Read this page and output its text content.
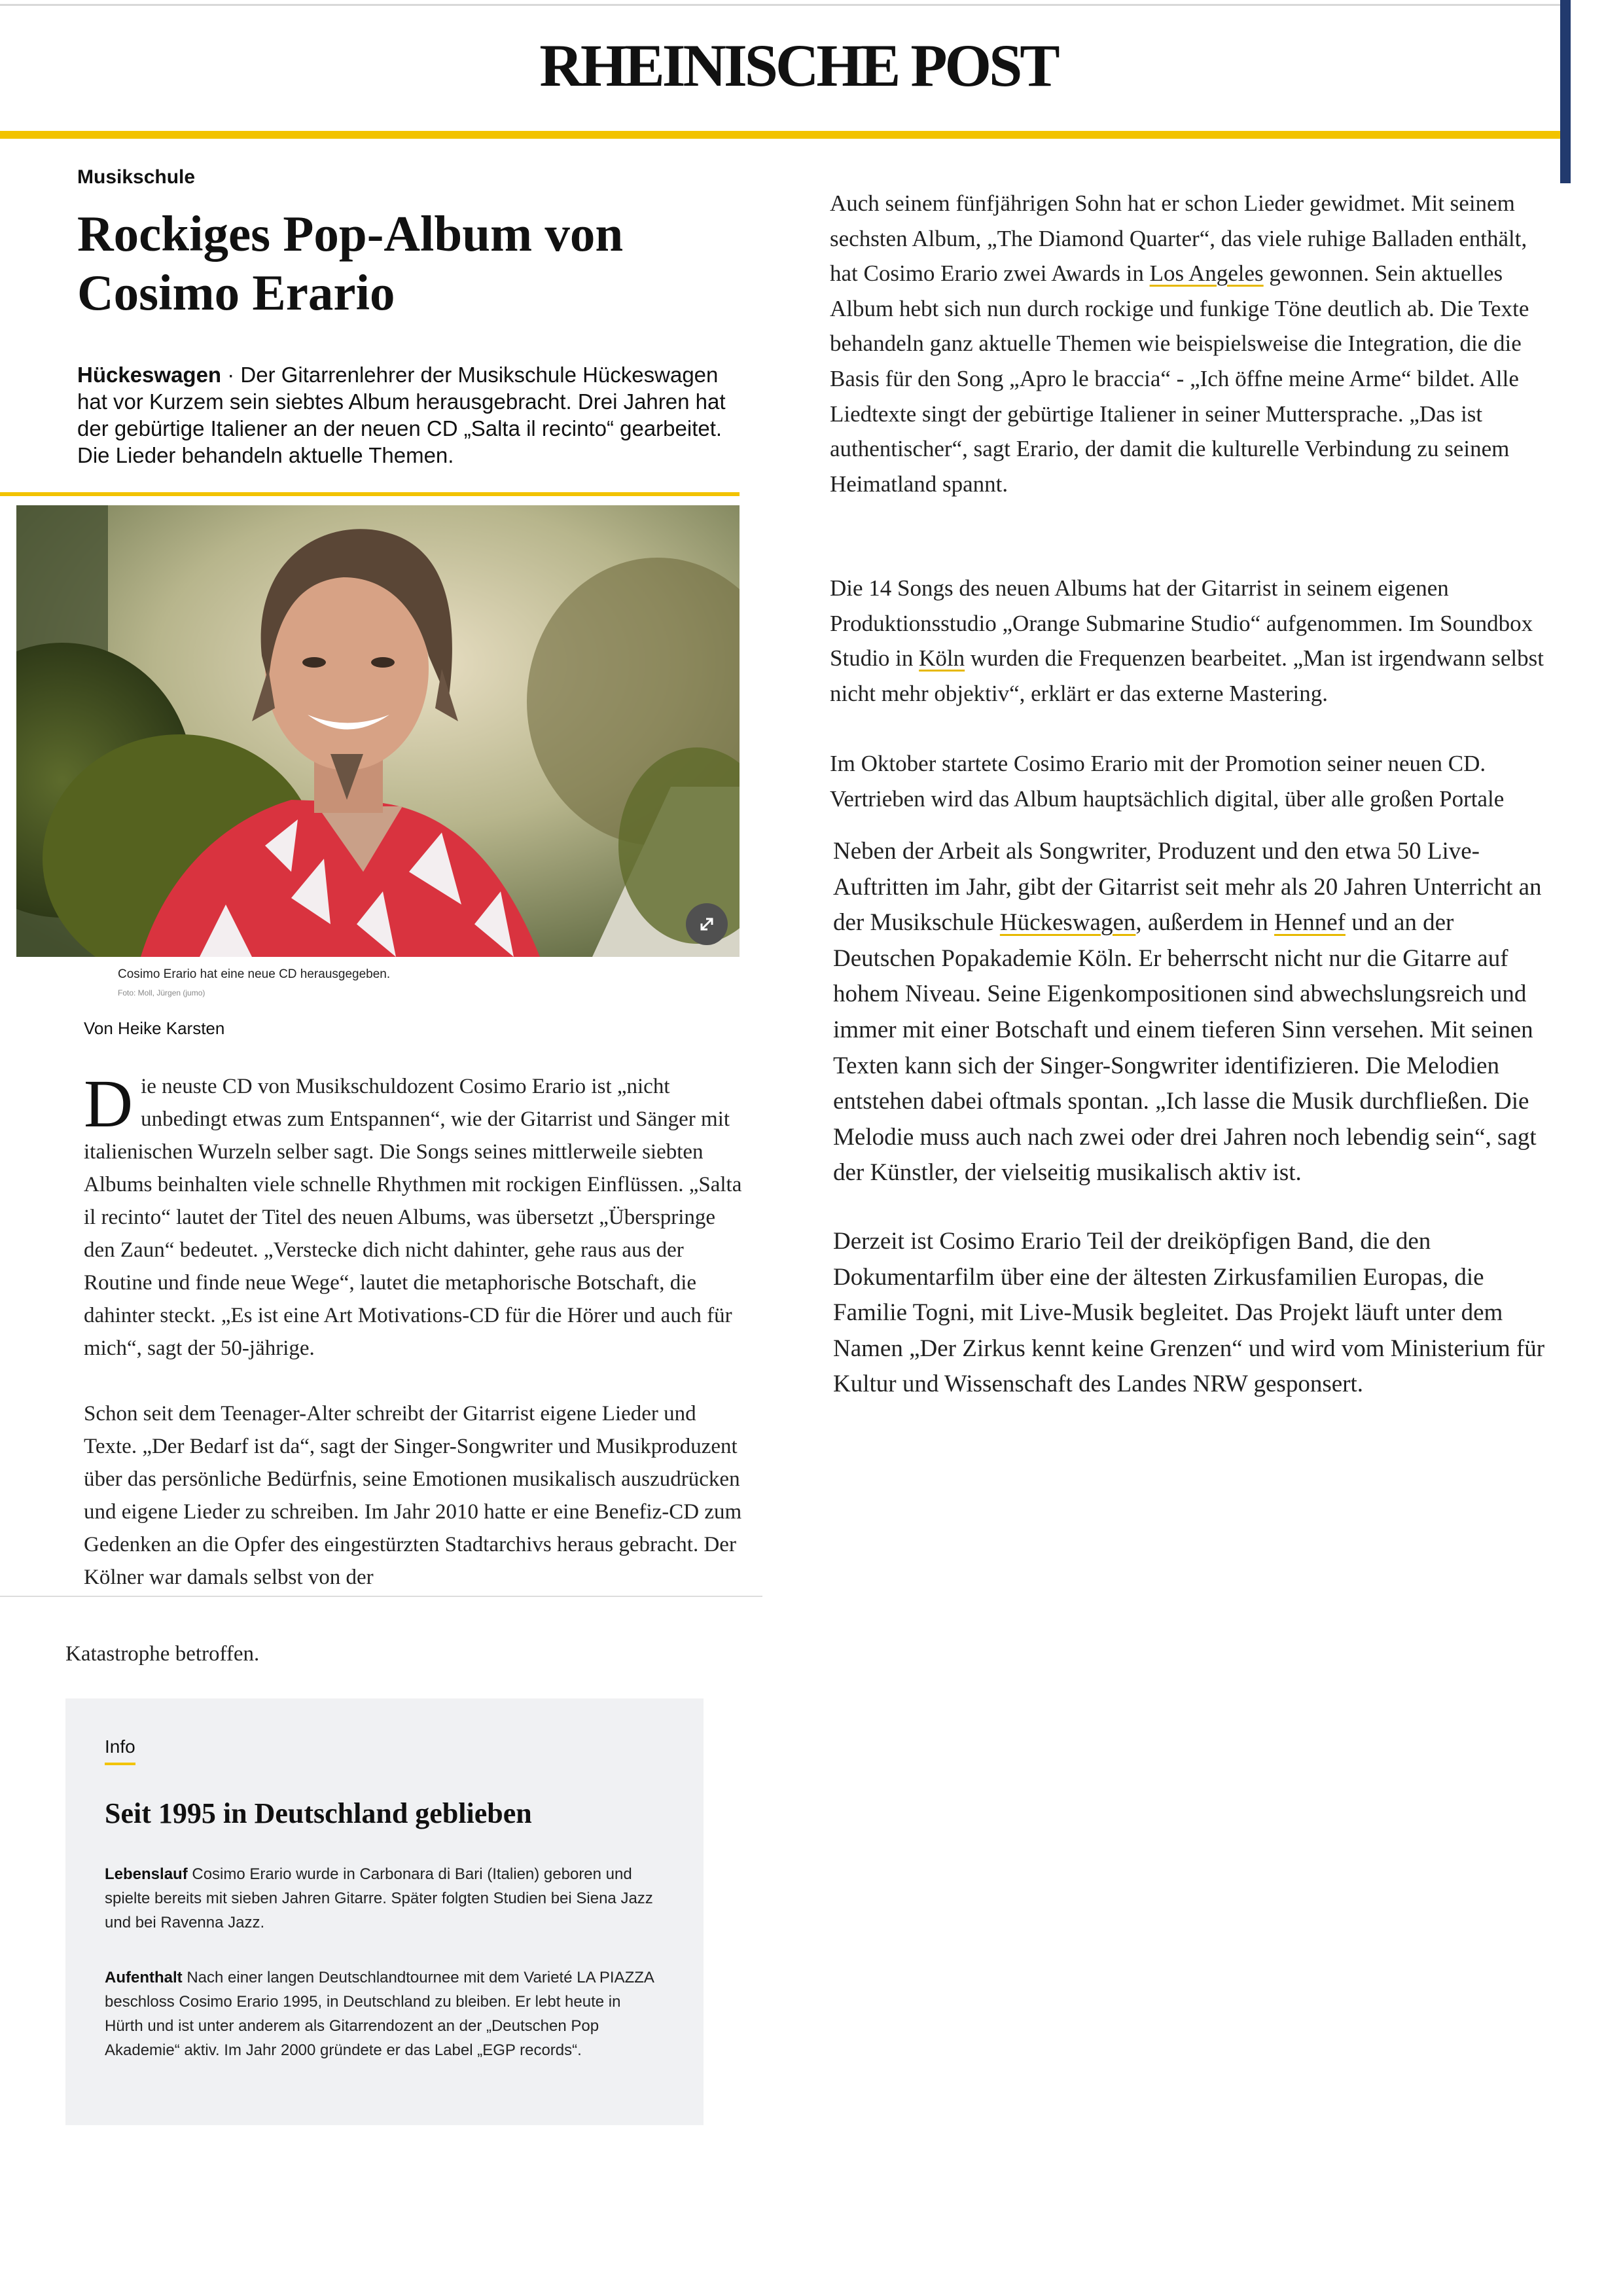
RHEINISCHE POST
Musikschule
Rockiges Pop-Album von Cosimo Erario

Hückeswagen · Der Gitarrenlehrer der Musikschule Hückeswagen hat vor Kurzem sein siebtes Album herausgebracht. Drei Jahren hat der gebürtige Italiener an der neuen CD „Salta il recinto“ gearbeitet. Die Lieder behandeln aktuelle Themen.

Cosimo Erario hat eine neue CD herausgegeben.
Foto: Moll, Jürgen (jumo)
Von Heike Karsten

Die neuste CD von Musikschuldozent Cosimo Erario ist „nicht unbedingt etwas zum Entspannen“, wie der Gitarrist und Sänger mit italienischen Wurzeln selber sagt. Die Songs seines mittlerweile siebten Albums beinhalten viele schnelle Rhythmen mit rockigen Einflüssen. „Salta il recinto“ lautet der Titel des neuen Albums, was übersetzt „Überspringe den Zaun“ bedeutet. „Verstecke dich nicht dahinter, gehe raus aus der Routine und finde neue Wege“, lautet die metaphorische Botschaft, die dahinter steckt. „Es ist eine Art Motivations-CD für die Hörer und auch für mich“, sagt der 50-jährige.

Schon seit dem Teenager-Alter schreibt der Gitarrist eigene Lieder und Texte. „Der Bedarf ist da“, sagt der Singer-Songwriter und Musikproduzent über das persönliche Bedürfnis, seine Emotionen musikalisch auszudrücken und eigene Lieder zu schreiben. Im Jahr 2010 hatte er eine Benefiz-CD zum Gedenken an die Opfer des eingestürzten Stadtarchivs heraus gebracht. Der Kölner war damals selbst von der

Katastrophe betroffen.

Auch seinem fünfjährigen Sohn hat er schon Lieder gewidmet. Mit seinem sechsten Album, „The Diamond Quarter“, das viele ruhige Balladen enthält, hat Cosimo Erario zwei Awards in Los Angeles gewonnen. Sein aktuelles Album hebt sich nun durch rockige und funkige Töne deutlich ab. Die Texte behandeln ganz aktuelle Themen wie beispielsweise die Integration, die die Basis für den Song „Apro le braccia“ - „Ich öffne meine Arme“ bildet. Alle Liedtexte singt der gebürtige Italiener in seiner Muttersprache. „Das ist authentischer“, sagt Erario, der damit die kulturelle Verbindung zu seinem Heimatland spannt.

Die 14 Songs des neuen Albums hat der Gitarrist in seinem eigenen Produktionsstudio „Orange Submarine Studio“ aufgenommen. Im Soundbox Studio in Köln wurden die Frequenzen bearbeitet. „Man ist irgendwann selbst nicht mehr objektiv“, erklärt er das externe Mastering.

Im Oktober startete Cosimo Erario mit der Promotion seiner neuen CD. Vertrieben wird das Album hauptsächlich digital, über alle großen Portale

Neben der Arbeit als Songwriter, Produzent und den etwa 50 Live-Auftritten im Jahr, gibt der Gitarrist seit mehr als 20 Jahren Unterricht an der Musikschule Hückeswagen, außerdem in Hennef und an der Deutschen Popakademie Köln. Er beherrscht nicht nur die Gitarre auf hohem Niveau. Seine Eigenkompositionen sind abwechslungsreich und immer mit einer Botschaft und einem tieferen Sinn versehen. Mit seinen Texten kann sich der Singer-Songwriter identifizieren. Die Melodien entstehen dabei oftmals spontan. „Ich lasse die Musik durchfließen. Die Melodie muss auch nach zwei oder drei Jahren noch lebendig sein“, sagt der Künstler, der vielseitig musikalisch aktiv ist.

Derzeit ist Cosimo Erario Teil der dreiköpfigen Band, die den Dokumentarfilm über eine der ältesten Zirkusfamilien Europas, die Familie Togni, mit Live-Musik begleitet. Das Projekt läuft unter dem Namen „Der Zirkus kennt keine Grenzen“ und wird vom Ministerium für Kultur und Wissenschaft des Landes NRW gesponsert.

Info
Seit 1995 in Deutschland geblieben

Lebenslauf Cosimo Erario wurde in Carbonara di Bari (Italien) geboren und spielte bereits mit sieben Jahren Gitarre. Später folgten Studien bei Siena Jazz und bei Ravenna Jazz.

Aufenthalt Nach einer langen Deutschlandtournee mit dem Varieté LA PIAZZA beschloss Cosimo Erario 1995, in Deutschland zu bleiben. Er lebt heute in Hürth und ist unter anderem als Gitarrendozent an der „Deutschen Pop Akademie“ aktiv. Im Jahr 2000 gründete er das Label „EGP records“.
